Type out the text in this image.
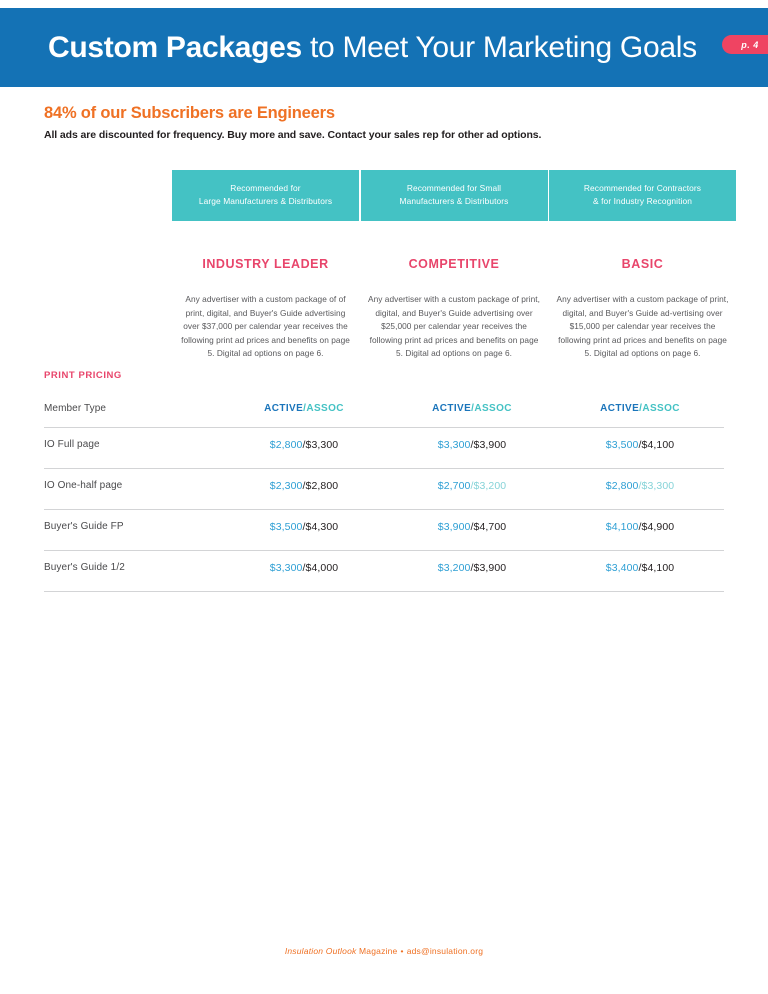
Custom Packages to Meet Your Marketing Goals	p. 4
84% of our Subscribers are Engineers
All ads are discounted for frequency. Buy more and save. Contact your sales rep for other ad options.
Recommended for
Large Manufacturers & Distributors
INDUSTRY LEADER
Any advertiser with a custom package of of print, digital, and Buyer's Guide advertising over $37,000 per calendar year receives the following print ad prices and benefits on page 5. Digital ad options on page 6.
Recommended for Small
Manufacturers & Distributors
COMPETITIVE
Any advertiser with a custom package of print, digital, and Buyer's Guide advertising over $25,000 per calendar year receives the following print ad prices and benefits on page 5. Digital ad options on page 6.
Recommended for Contractors
& for Industry Recognition
BASIC
Any advertiser with a custom package of print, digital, and Buyer's Guide ad-vertising over $15,000 per calendar year receives the following print ad prices and benefits on page 5. Digital ad options on page 6.
PRINT PRICING
Member Type	ACTIVE/ASSOC	ACTIVE/ASSOC	ACTIVE/ASSOC
IO Full page	$2,800/$3,300	$3,300/$3,900	$3,500/$4,100
IO One-half page	$2,300/$2,800	$2,700/$3,200	$2,800/$3,300
Buyer's Guide FP	$3,500/$4,300	$3,900/$4,700	$4,100/$4,900
Buyer's Guide 1/2	$3,300/$4,000	$3,200/$3,900	$3,400/$4,100
Insulation Outlook Magazine • ads@insulation.org
